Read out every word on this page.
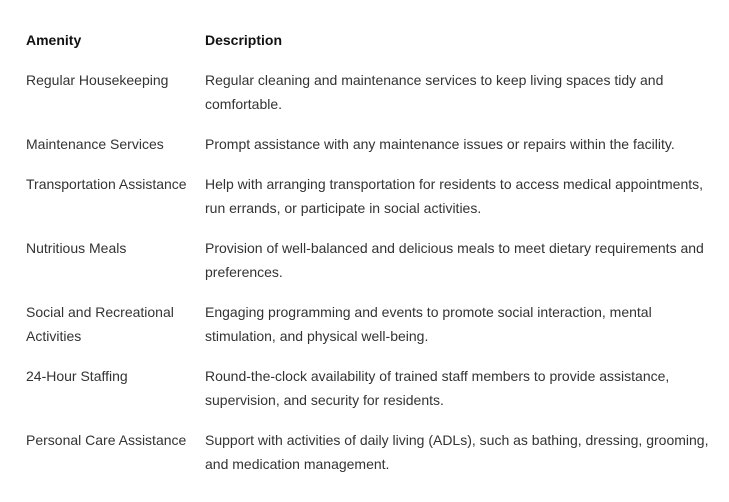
Amenity	Description
Regular Housekeeping	Regular cleaning and maintenance services to keep living spaces tidy and comfortable.
Maintenance Services	Prompt assistance with any maintenance issues or repairs within the facility.
Transportation Assistance	Help with arranging transportation for residents to access medical appointments, run errands, or participate in social activities.
Nutritious Meals	Provision of well-balanced and delicious meals to meet dietary requirements and preferences.
Social and Recreational Activities	Engaging programming and events to promote social interaction, mental stimulation, and physical well-being.
24-Hour Staffing	Round-the-clock availability of trained staff members to provide assistance, supervision, and security for residents.
Personal Care Assistance	Support with activities of daily living (ADLs), such as bathing, dressing, grooming, and medication management.
